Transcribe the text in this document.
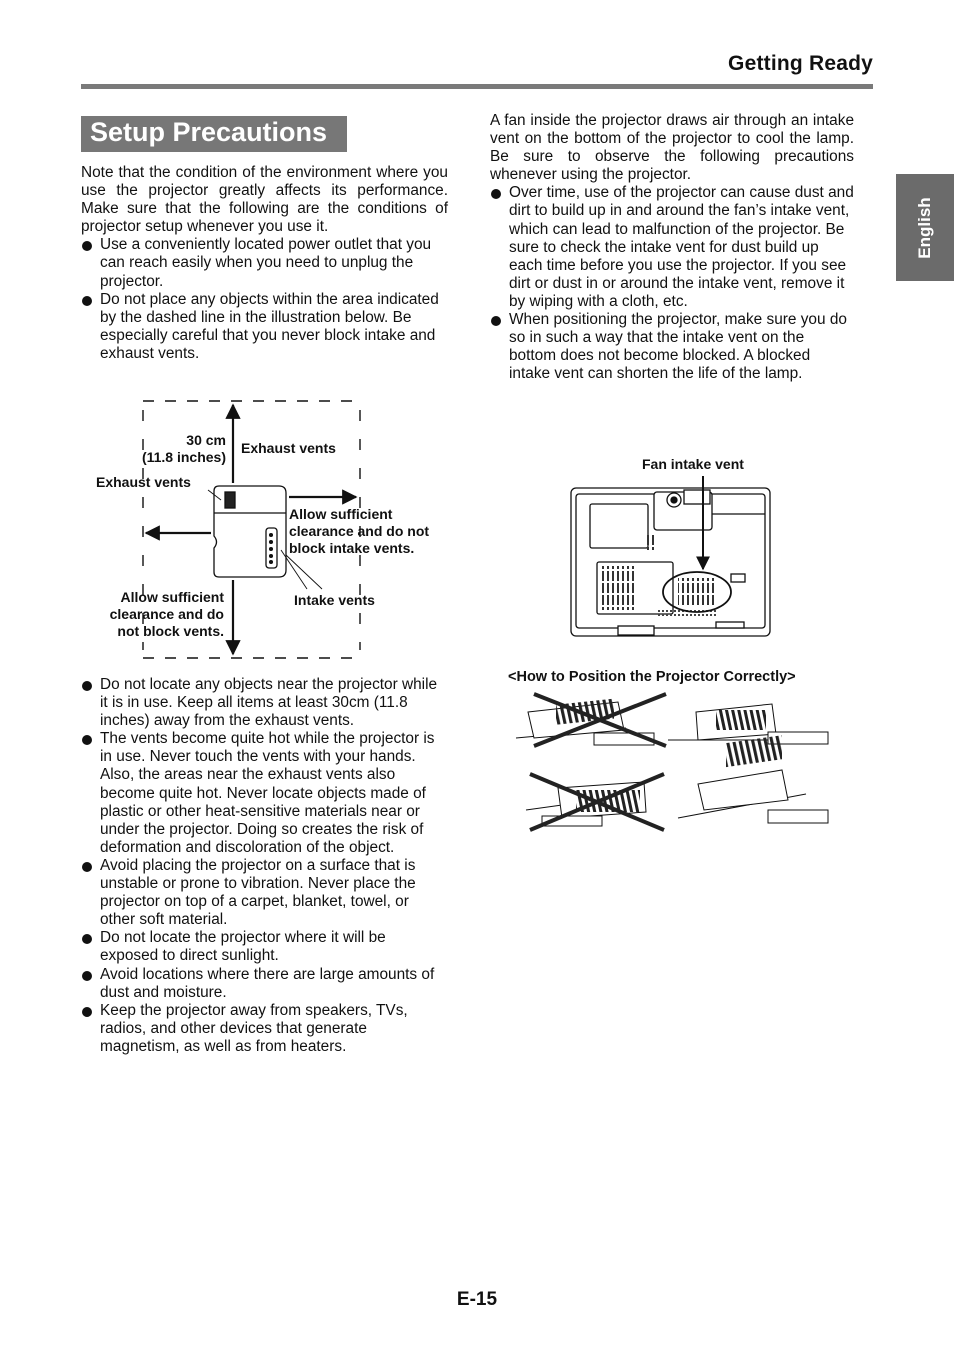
Getting Ready
English
Setup Precautions
Note that the condition of the environment where you use the projector greatly affects its performance. Make sure that the following are the conditions of projector setup whenever you use it.
Use a conveniently located power outlet that you can reach easily when you need to unplug the projector.
Do not place any objects within the area indicated by the dashed line in the illustration below. Be especially careful that you never block intake and exhaust vents.
30 cm
(11.8 inches)
Exhaust vents
Exhaust vents
Allow sufficient
clearance and do not
block intake vents.
Allow sufficient
clearance and do
not block vents.
Intake vents
Do not locate any objects near the projector while it is in use. Keep all items at least 30cm (11.8 inches) away from the exhaust vents.
The vents become quite hot while the projector is in use. Never touch the vents with your hands. Also, the areas near the exhaust vents also become quite hot. Never locate objects made of plastic or other heat-sensitive materials near or under the projector. Doing so creates the risk of deformation and discoloration of the object.
Avoid placing the projector on a surface that is unstable or prone to vibration. Never place the projector on top of a carpet, blanket, towel, or other soft material.
Do not locate the projector where it will be exposed to direct sunlight.
Avoid locations where there are large amounts of dust and moisture.
Keep the projector away from speakers, TVs, radios, and other devices that generate magnetism, as well as from heaters.
A fan inside the projector draws air through an intake vent on the bottom of the projector to cool the lamp. Be sure to observe the following precautions whenever using the projector.
Over time, use of the projector can cause dust and dirt to build up in and around the fan’s intake vent, which can lead to malfunction of the projector. Be sure to check the intake vent for dust build up each time before you use the projector. If you see dirt or dust in or around the intake vent, remove it by wiping with a cloth, etc.
When positioning the projector, make sure you do so in such a way that the intake vent on the bottom does not become blocked. A blocked intake vent can shorten the life of the lamp.
Fan intake vent
<How to Position the Projector Correctly>
E-15
